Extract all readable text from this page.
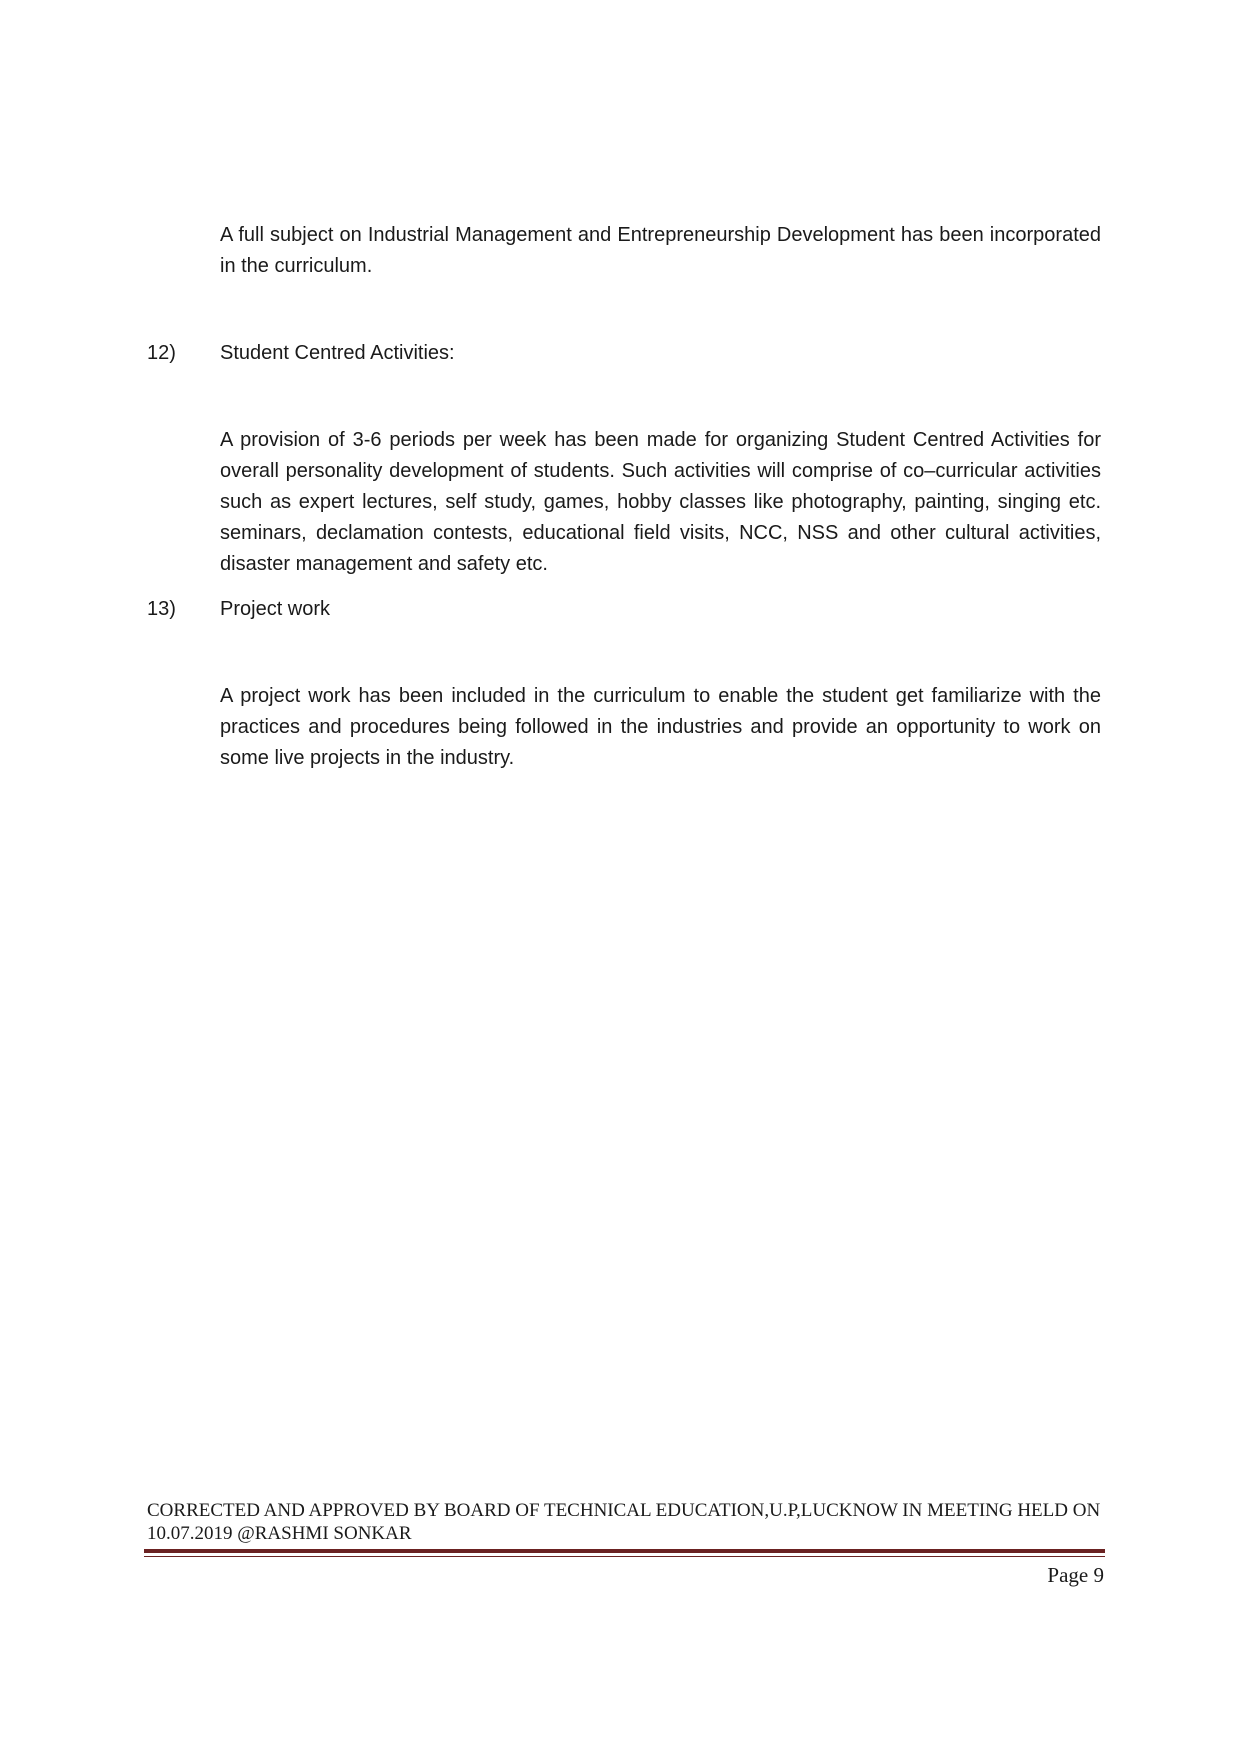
A full subject on Industrial Management and Entrepreneurship Development has been incorporated in the curriculum.

12) Student Centred Activities:

A provision of 3-6 periods per week has been made for organizing Student Centred Activities for overall personality development of students. Such activities will comprise of co–curricular activities such as expert lectures, self study, games, hobby classes like photography, painting, singing etc. seminars, declamation contests, educational field visits, NCC, NSS and other cultural activities, disaster management and safety etc.

13) Project work

A project work has been included in the curriculum to enable the student get familiarize with the practices and procedures being followed in the industries and provide an opportunity to work on some live projects in the industry.

CORRECTED AND APPROVED BY BOARD OF TECHNICAL EDUCATION,U.P,LUCKNOW IN MEETING HELD ON
10.07.2019 @RASHMI SONKAR
Page 9
